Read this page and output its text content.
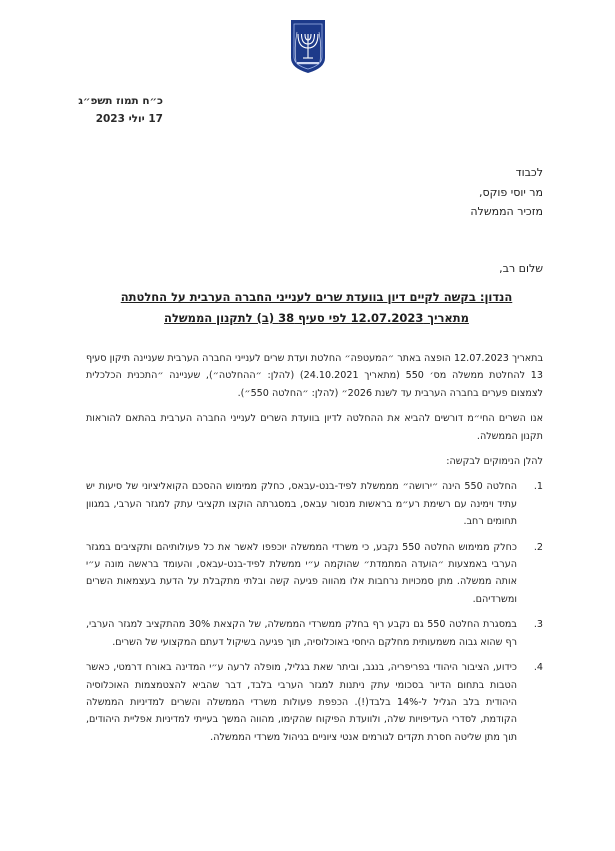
כ״ח תמוז תשפ״ג
17 יולי 2023
לכבוד
מר יוסי פוקס,
מזכיר הממשלה
שלום רב,
הנדון: בקשה לקיים דיון בוועדת שרים לענייני החברה הערבית על החלטתה
מתאריך 12.07.2023 לפי סעיף 38 (ב) לתקנון הממשלה

בתאריך 12.07.2023 הופצה באתר ״המעטפה״ החלטת ועדת שרים לענייני החברה הערבית שעניינה תיקון סעיף 13 להחלטת ממשלה מס׳ 550 (מתאריך 24.10.2021) (להלן: ״ההחלטה״), שעניינה ״התכנית הכלכלית לצמצום פערים בחברה הערבית עד לשנת 2026״ (להלן: ״החלטה 550״).

אנו השרים החי״מ דורשים להביא את ההחלטה לדיון בוועדת השרים לענייני החברה הערבית בהתאם להוראות תקנון הממשלה.

להלן הנימוקים לבקשה:

1.
החלטה 550 הינה ״ירושה״ מממשלת לפיד-בנט-עבאס, כחלק ממימוש ההסכם הקואליציוני של סיעות יש עתיד וימינה עם רשימת רע״מ בראשות מנסור עבאס, במסגרתה הוקצו תקציבי עתק למגזר הערבי, במגוון תחומים רחב.
2.
כחלק ממימוש החלטה 550 נקבע, כי משרדי הממשלה יוכפפו לאשר את כל פעולותיהם ותקציבים במגזר הערבי באמצעות ״הועדה המתמדת״ שהוקמה ע״י ממשלת לפיד-בנט-עבאס, והעומד בראשה מונה ע״י אותה ממשלה. מתן סמכויות נרחבות אלו מהווה פגיעה קשה ובלתי מתקבלת על הדעת בעצמאות השרים ומשרדיהם.
3.
במסגרת החלטה 550 גם נקבע רף בחלק ממשרדי הממשלה, של הקצאת 30% מהתקציב למגזר הערבי, רף שהוא גבוה משמעותית מחלקם היחסי באוכלוסיה, תוך פגיעה בשיקול דעתם המקצועי של השרים.
4.
כידוע, הציבור היהודי בפריפריה, בנגב, וביתר שאת בגליל, מופלה לרעה ע״י המדינה באורח דרמטי, כאשר הטבות בתחום הדיור בסכומי עתק ניתנות למגזר הערבי בלבד, דבר שהביא להצטמצמות האוכלוסיה היהודית בלב הגליל ל-14% בלבד(!). הכפפת פעולות משרדי הממשלה והשרים למדיניות הממשלה הקודמת, לסדרי העדיפויות שלה, ולוועדת הפיקוח שהקימו, מהווה המשך בעייתי למדיניות אפליית היהודים, תוך מתן שליטה חסרת תקדים לגורמים אנטי ציוניים בניהול משרדי הממשלה.
